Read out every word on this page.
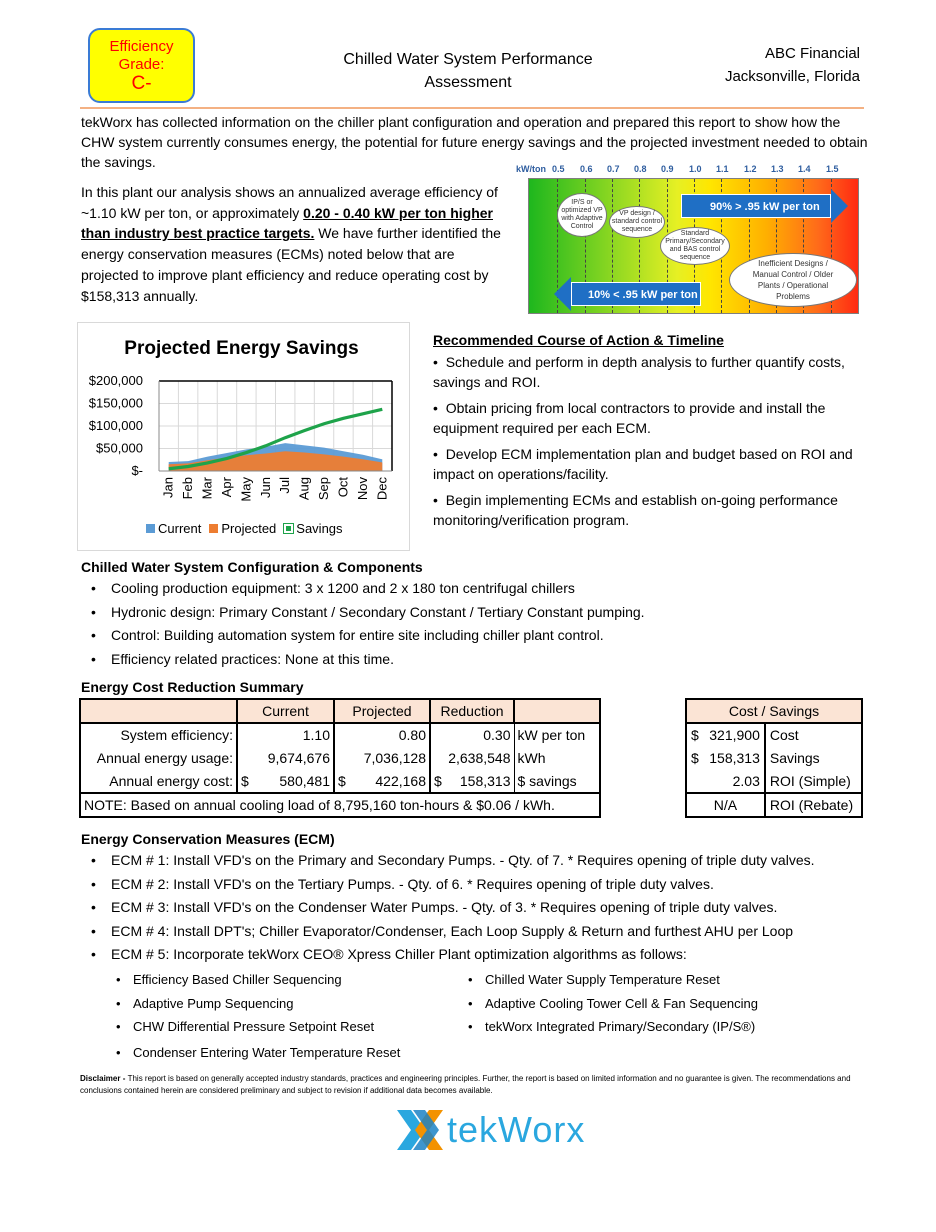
Efficiency
Grade:
C-
Chilled Water System Performance
Assessment
ABC Financial
Jacksonville, Florida
tekWorx has collected information on the chiller plant configuration and operation and prepared this report to show how the CHW system currently consumes energy, the potential for future energy savings and the projected investment needed to obtain the savings.
In this plant our analysis shows an annualized average efficiency of ~1.10 kW per ton, or approximately 0.20 - 0.40 kW per ton higher than industry best practice targets. We have further identified the energy conservation measures (ECMs) noted below that are projected to improve plant efficiency and reduce operating cost by $158,313 annually.
kW/ton 0.5 0.6 0.7 0.8 0.9 1.0 1.1 1.2 1.3 1.4 1.5
90% > .95 kW per ton
10% < .95 kW per ton
IP/S or optimized VP with Adaptive Control
VP design / standard control sequence
Standard Primary/Secondary and BAS control sequence
Inefficient Designs / Manual Control / Older Plants / Operational Problems
Projected Energy Savings
$200,000
$150,000
$100,000
$50,000
$-
Jan Feb Mar Apr May Jun Jul Aug Sep Oct Nov Dec
Current	Projected	Savings
Recommended Course of Action & Timeline
•  Schedule and perform in depth analysis to further quantify costs, savings and ROI.
•  Obtain pricing from local contractors to provide and install the equipment required per each ECM.
•  Develop ECM implementation plan and budget based on ROI and impact on operations/facility.
•  Begin implementing ECMs and establish on-going performance monitoring/verification program.
Chilled Water System Configuration & Components
• Cooling production equipment: 3 x 1200 and 2 x 180 ton centrifugal chillers
• Hydronic design: Primary Constant / Secondary Constant / Tertiary Constant pumping.
• Control: Building automation system for entire site including chiller plant control.
• Efficiency related practices: None at this time.
Energy Cost Reduction Summary
	Current		Projected		Reduction		
System efficiency:		1.10		0.80		0.30	kW per ton
Annual energy usage:		9,674,676		7,036,128		2,638,548	kWh
Annual energy cost:	$	580,481	$	422,168	$	158,313	$ savings
NOTE: Based on annual cooling load of 8,795,160 ton-hours & $0.06 / kWh.							
Cost / Savings		
$	321,900	Cost
$	158,313	Savings
	2.03	ROI (Simple)
N/A		ROI (Rebate)
Energy Conservation Measures (ECM)
• ECM # 1: Install VFD's on the Primary and Secondary Pumps. - Qty. of 7. * Requires opening of triple duty valves.
• ECM # 2: Install VFD's on the Tertiary Pumps. - Qty. of 6. * Requires opening of triple duty valves.
• ECM # 3: Install VFD's on the Condenser Water Pumps. - Qty. of 3. * Requires opening of triple duty valves.
• ECM # 4: Install DPT's; Chiller Evaporator/Condenser, Each Loop Supply & Return and furthest AHU per Loop
• ECM # 5: Incorporate tekWorx CEO® Xpress Chiller Plant optimization algorithms as follows:
• Efficiency Based Chiller Sequencing
• Adaptive Pump Sequencing
• CHW Differential Pressure Setpoint Reset
• Condenser Entering Water Temperature Reset
• Chilled Water Supply Temperature Reset
• Adaptive Cooling Tower Cell & Fan Sequencing
• tekWorx Integrated Primary/Secondary (IP/S®)
Disclaimer - This report is based on generally accepted industry standards, practices and engineering principles. Further, the report is based on limited information and no guarantee is given. The recommendations and conclusions contained herein are considered preliminary and subject to revision if additional data becomes available.
tekWorx
